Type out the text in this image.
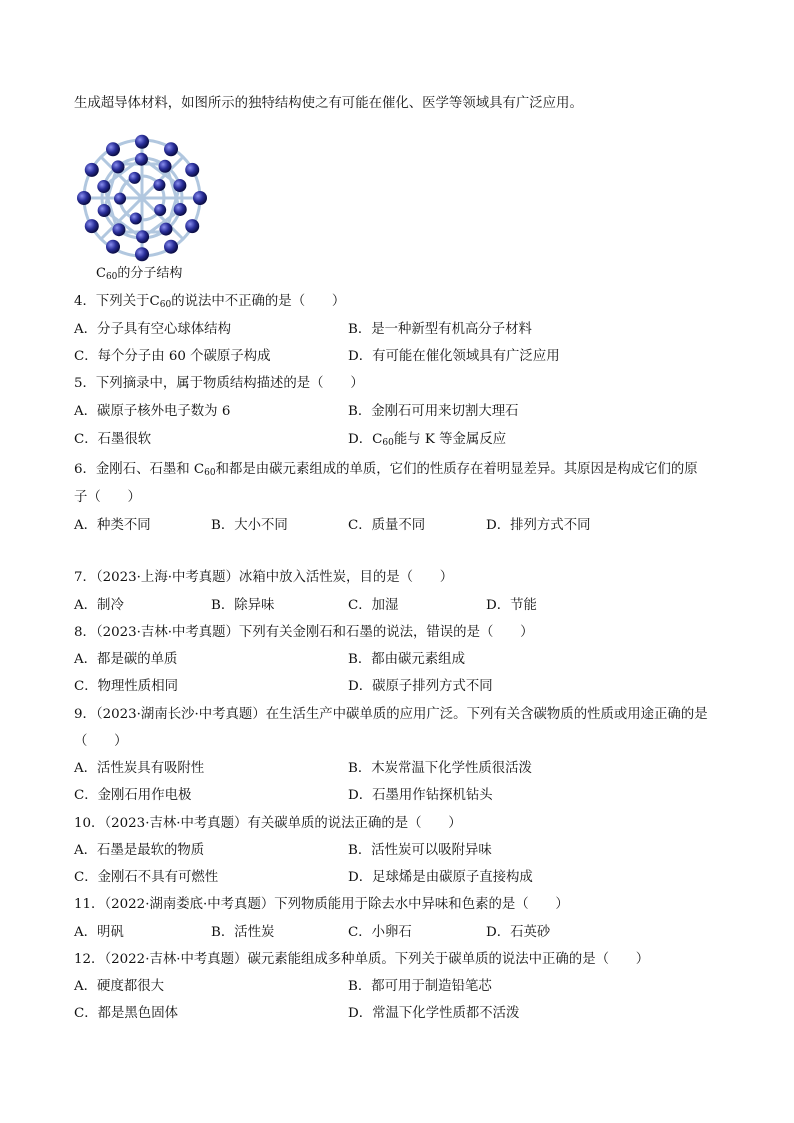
生成超导体材料，如图所示的独特结构使之有可能在催化、医学等领域具有广泛应用。
$C_{60}$的分子结构
4．下列关于$C_{60}$的说法中不正确的是（　　）
A．分子具有空心球体结构	B．是一种新型有机高分子材料
C．每个分子由 60 个碳原子构成	D．有可能在催化领域具有广泛应用
5．下列摘录中，属于物质结构描述的是（　　）
A．碳原子核外电子数为 6	B．金刚石可用来切割大理石
C．石墨很软	D．$C_{60}$能与 K 等金属反应
6．金刚石、石墨和 $C_{60}$和都是由碳元素组成的单质，它们的性质存在着明显差异。其原因是构成它们的原
子（　　）
A．种类不同	B．大小不同	C．质量不同	D．排列方式不同
7．（2023·上海·中考真题）冰箱中放入活性炭，目的是（　　）
A．制冷	B．除异味	C．加湿	D．节能
8．（2023·吉林·中考真题）下列有关金刚石和石墨的说法，错误的是（　　）
A．都是碳的单质	B．都由碳元素组成
C．物理性质相同	D．碳原子排列方式不同
9．（2023·湖南长沙·中考真题）在生活生产中碳单质的应用广泛。下列有关含碳物质的性质或用途正确的是
（　　）
A．活性炭具有吸附性	B．木炭常温下化学性质很活泼
C．金刚石用作电极	D．石墨用作钻探机钻头
10．（2023·吉林·中考真题）有关碳单质的说法正确的是（　　）
A．石墨是最软的物质	B．活性炭可以吸附异味
C．金刚石不具有可燃性	D．足球烯是由碳原子直接构成
11．（2022·湖南娄底·中考真题）下列物质能用于除去水中异味和色素的是（　　）
A．明矾	B．活性炭	C．小卵石	D．石英砂
12．（2022·吉林·中考真题）碳元素能组成多种单质。下列关于碳单质的说法中正确的是（　　）
A．硬度都很大	B．都可用于制造铅笔芯
C．都是黑色固体	D．常温下化学性质都不活泼
